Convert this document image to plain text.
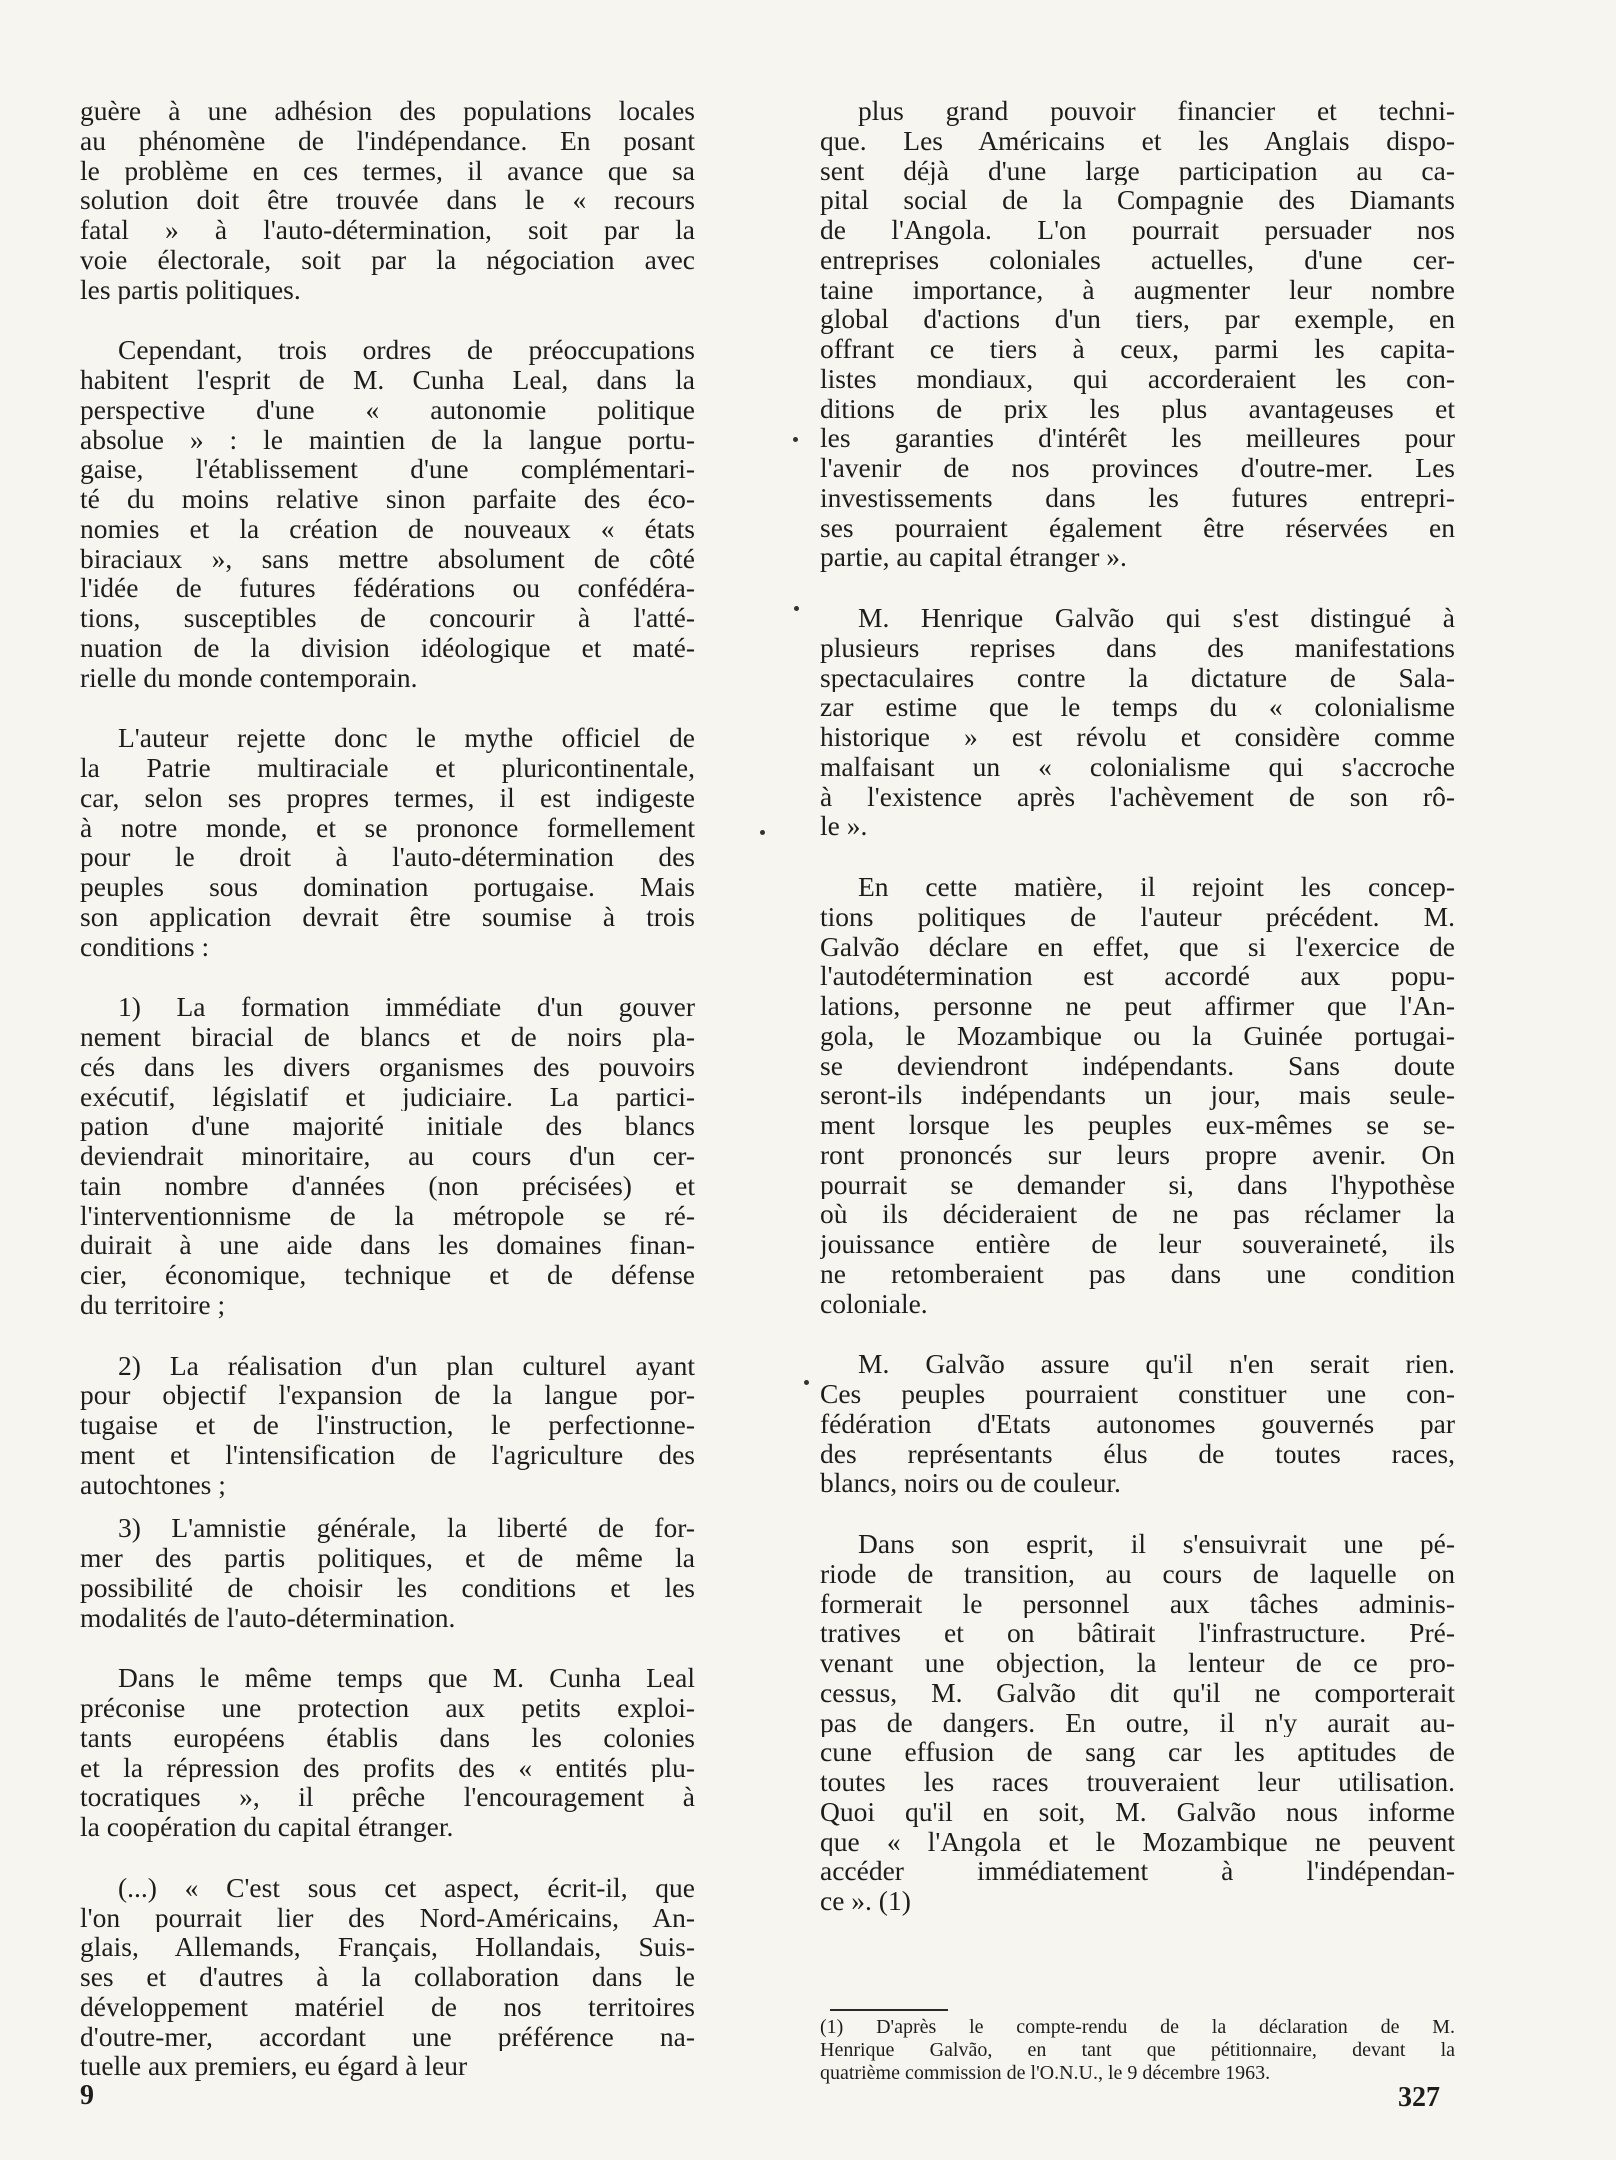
guère à une adhésion des populations locales
au phénomène de l'indépendance. En posant
le problème en ces termes, il avance que sa
solution doit être trouvée dans le « recours
fatal » à l'auto-détermination, soit par la
voie électorale, soit par la négociation avec
les partis politiques.
Cependant, trois ordres de préoccupations
habitent l'esprit de M. Cunha Leal, dans la
perspective d'une « autonomie politique
absolue » : le maintien de la langue portu-
gaise, l'établissement d'une complémentari-
té du moins relative sinon parfaite des éco-
nomies et la création de nouveaux « états
biraciaux », sans mettre absolument de côté
l'idée de futures fédérations ou confédéra-
tions, susceptibles de concourir à l'atté-
nuation de la division idéologique et maté-
rielle du monde contemporain.
L'auteur rejette donc le mythe officiel de
la Patrie multiraciale et pluricontinentale,
car, selon ses propres termes, il est indigeste
à notre monde, et se prononce formellement
pour le droit à l'auto-détermination des
peuples sous domination portugaise. Mais
son application devrait être soumise à trois
conditions :
1) La formation immédiate d'un gouver
nement biracial de blancs et de noirs pla-
cés dans les divers organismes des pouvoirs
exécutif, législatif et judiciaire. La partici-
pation d'une majorité initiale des blancs
deviendrait minoritaire, au cours d'un cer-
tain nombre d'années (non précisées) et
l'interventionnisme de la métropole se ré-
duirait à une aide dans les domaines finan-
cier, économique, technique et de défense
du territoire ;
2) La réalisation d'un plan culturel ayant
pour objectif l'expansion de la langue por-
tugaise et de l'instruction, le perfectionne-
ment et l'intensification de l'agriculture des
autochtones ;
3) L'amnistie générale, la liberté de for-
mer des partis politiques, et de même la
possibilité de choisir les conditions et les
modalités de l'auto-détermination.
Dans le même temps que M. Cunha Leal
préconise une protection aux petits exploi-
tants européens établis dans les colonies
et la répression des profits des « entités plu-
tocratiques », il prêche l'encouragement à
la coopération du capital étranger.
(...) « C'est sous cet aspect, écrit-il, que
l'on pourrait lier des Nord-Américains, An-
glais, Allemands, Français, Hollandais, Suis-
ses et d'autres à la collaboration dans le
développement matériel de nos territoires
d'outre-mer, accordant une préférence na-
tuelle aux premiers, eu égard à leur
plus grand pouvoir financier et techni-
que. Les Américains et les Anglais dispo-
sent déjà d'une large participation au ca-
pital social de la Compagnie des Diamants
de l'Angola. L'on pourrait persuader nos
entreprises coloniales actuelles, d'une cer-
taine importance, à augmenter leur nombre
global d'actions d'un tiers, par exemple, en
offrant ce tiers à ceux, parmi les capita-
listes mondiaux, qui accorderaient les con-
ditions de prix les plus avantageuses et
les garanties d'intérêt les meilleures pour
l'avenir de nos provinces d'outre-mer. Les
investissements dans les futures entrepri-
ses pourraient également être réservées en
partie, au capital étranger ».
M. Henrique Galvão qui s'est distingué à
plusieurs reprises dans des manifestations
spectaculaires contre la dictature de Sala-
zar estime que le temps du « colonialisme
historique » est révolu et considère comme
malfaisant un « colonialisme qui s'accroche
à l'existence après l'achèvement de son rô-
le ».
En cette matière, il rejoint les concep-
tions politiques de l'auteur précédent. M.
Galvão déclare en effet, que si l'exercice de
l'autodétermination est accordé aux popu-
lations, personne ne peut affirmer que l'An-
gola, le Mozambique ou la Guinée portugai-
se deviendront indépendants. Sans doute
seront-ils indépendants un jour, mais seule-
ment lorsque les peuples eux-mêmes se se-
ront prononcés sur leurs propre avenir. On
pourrait se demander si, dans l'hypothèse
où ils décideraient de ne pas réclamer la
jouissance entière de leur souveraineté, ils
ne retomberaient pas dans une condition
coloniale.
M. Galvão assure qu'il n'en serait rien.
Ces peuples pourraient constituer une con-
fédération d'Etats autonomes gouvernés par
des représentants élus de toutes races,
blancs, noirs ou de couleur.
Dans son esprit, il s'ensuivrait une pé-
riode de transition, au cours de laquelle on
formerait le personnel aux tâches adminis-
tratives et on bâtirait l'infrastructure. Pré-
venant une objection, la lenteur de ce pro-
cessus, M. Galvão dit qu'il ne comporterait
pas de dangers. En outre, il n'y aurait au-
cune effusion de sang car les aptitudes de
toutes les races trouveraient leur utilisation.
Quoi qu'il en soit, M. Galvão nous informe
que « l'Angola et le Mozambique ne peuvent
accéder immédiatement à l'indépendan-
ce ». (1)
(1) D'après le compte-rendu de la déclaration de M.
Henrique Galvão, en tant que pétitionnaire, devant la
quatrième commission de l'O.N.U., le 9 décembre 1963.
9	327
